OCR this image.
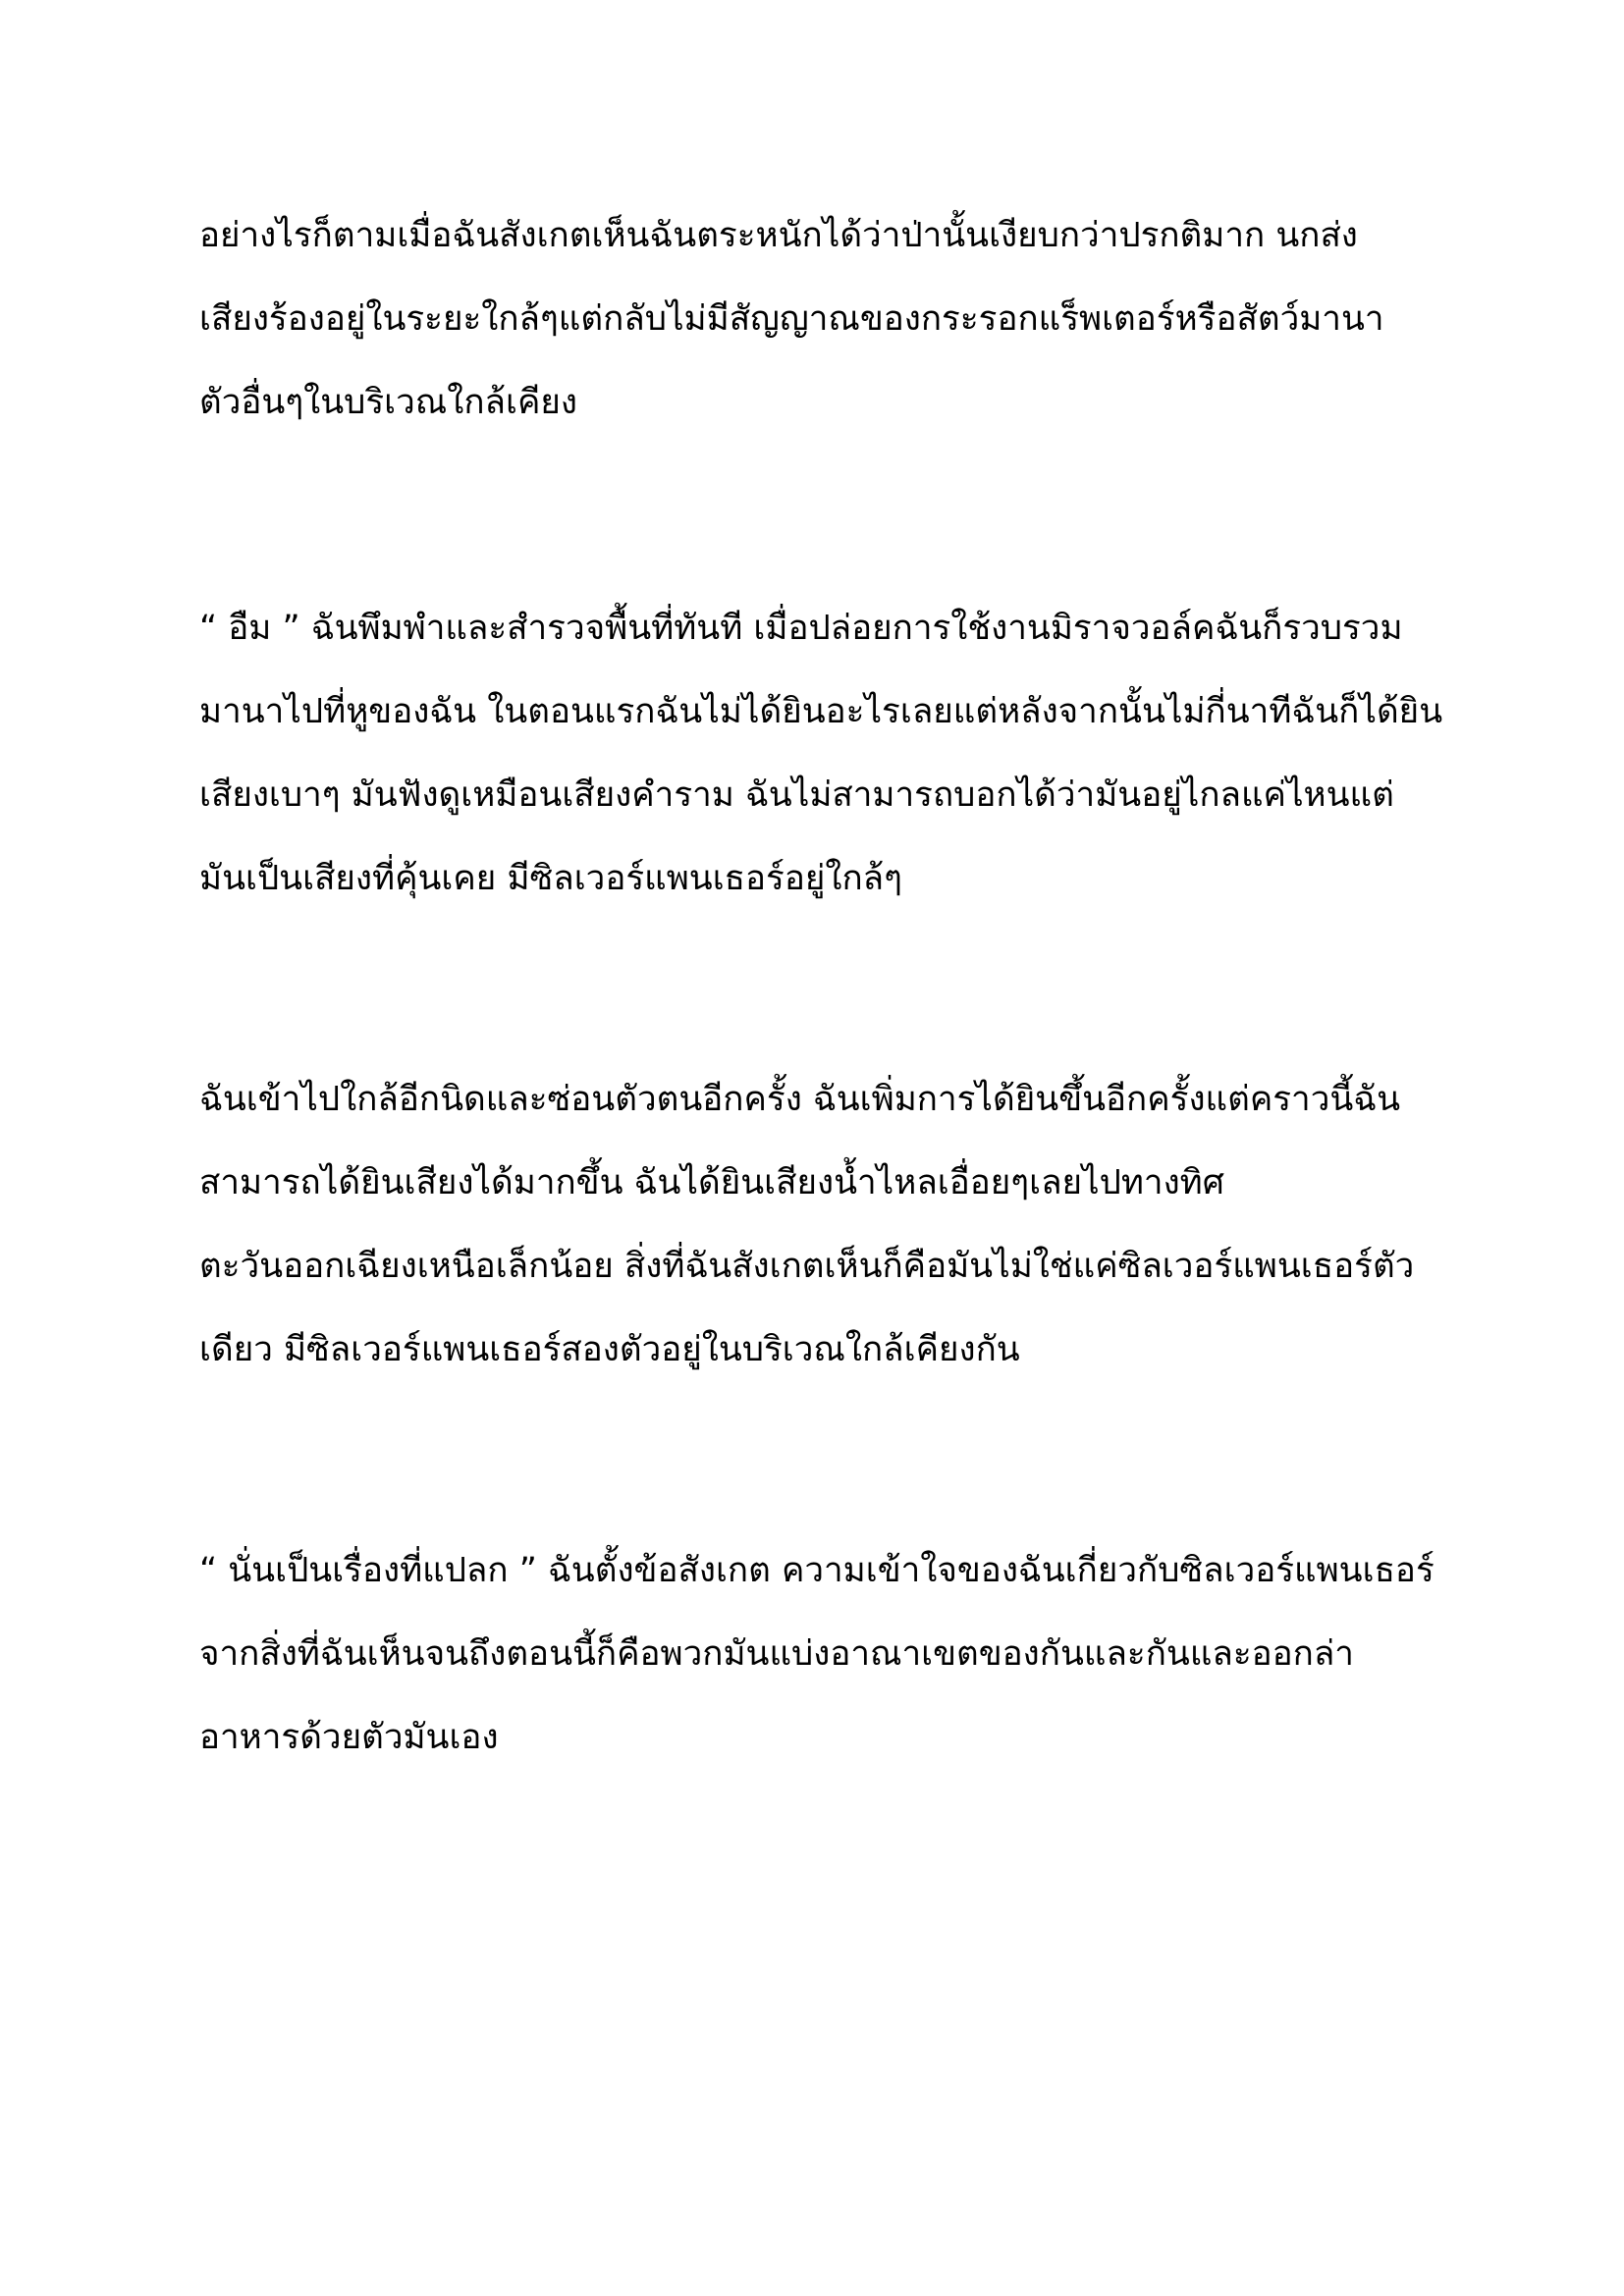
อย่างไรก็ตามเมื่อฉันสังเกตเห็นฉันตระหนักได้ว่าป่านั้นเงียบกว่าปรกติมาก นกส่ง
เสียงร้องอยู่ในระยะใกล้ๆแต่กลับไม่มีสัญญาณของกระรอกแร็พเตอร์หรือสัตว์มานา
ตัวอื่นๆในบริเวณใกล้เคียง
“ อืม ” ฉันพึมพำและสำรวจพื้นที่ทันที เมื่อปล่อยการใช้งานมิราจวอล์คฉันก็รวบรวม
มานาไปที่หูของฉัน ในตอนแรกฉันไม่ได้ยินอะไรเลยแต่หลังจากนั้นไม่กี่นาทีฉันก็ได้ยิน
เสียงเบาๆ มันฟังดูเหมือนเสียงคำราม ฉันไม่สามารถบอกได้ว่ามันอยู่ไกลแค่ไหนแต่
มันเป็นเสียงที่คุ้นเคย มีซิลเวอร์แพนเธอร์อยู่ใกล้ๆ
ฉันเข้าไปใกล้อีกนิดและซ่อนตัวตนอีกครั้ง ฉันเพิ่มการได้ยินขึ้นอีกครั้งแต่คราวนี้ฉัน
สามารถได้ยินเสียงได้มากขึ้น ฉันได้ยินเสียงน้ำไหลเอื่อยๆเลยไปทางทิศ
ตะวันออกเฉียงเหนือเล็กน้อย สิ่งที่ฉันสังเกตเห็นก็คือมันไม่ใช่แค่ซิลเวอร์แพนเธอร์ตัว
เดียว มีซิลเวอร์แพนเธอร์สองตัวอยู่ในบริเวณใกล้เคียงกัน
“ นั่นเป็นเรื่องที่แปลก ” ฉันตั้งข้อสังเกต ความเข้าใจของฉันเกี่ยวกับซิลเวอร์แพนเธอร์
จากสิ่งที่ฉันเห็นจนถึงตอนนี้ก็คือพวกมันแบ่งอาณาเขตของกันและกันและออกล่า
อาหารด้วยตัวมันเอง
